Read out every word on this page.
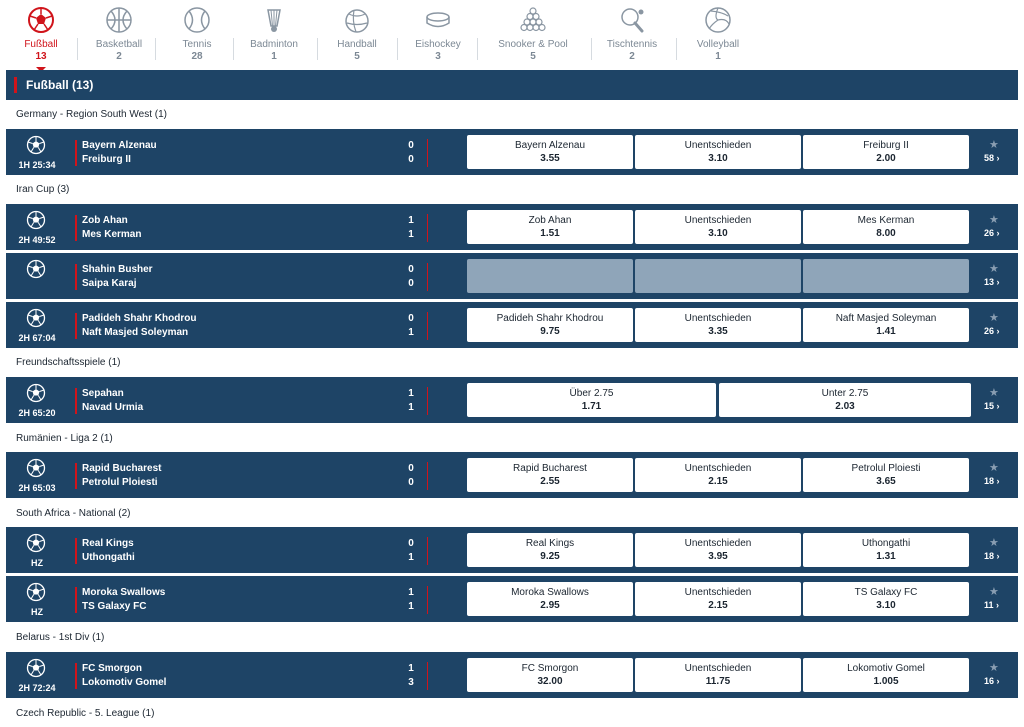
Fußball
13
Basketball
2
Tennis
28
Badminton
1
Handball
5
Eishockey
3
Snooker & Pool
5
Tischtennis
2
Volleyball
1
Fußball (13)
Germany - Region South West (1)
Iran Cup (3)
Freundschaftsspiele (1)
Rumänien - Liga 2 (1)
South Africa - National (2)
Belarus - 1st Div (1)
Czech Republic - 5. League (1)
1H 25:34
Bayern Alzenau
Freiburg II
0
0
Bayern Alzenau
3.55
Unentschieden
3.10
Freiburg II
2.00
★
58 ›
2H 49:52
Zob Ahan
Mes Kerman
1
1
Zob Ahan
1.51
Unentschieden
3.10
Mes Kerman
8.00
★
26 ›
Shahin Busher
Saipa Karaj
0
0
★
13 ›
2H 67:04
Padideh Shahr Khodrou
Naft Masjed Soleyman
0
1
Padideh Shahr Khodrou
9.75
Unentschieden
3.35
Naft Masjed Soleyman
1.41
★
26 ›
2H 65:20
Sepahan
Navad Urmia
1
1
Über 2.75
1.71
Unter 2.75
2.03
★
15 ›
2H 65:03
Rapid Bucharest
Petrolul Ploiesti
0
0
Rapid Bucharest
2.55
Unentschieden
2.15
Petrolul Ploiesti
3.65
★
18 ›
HZ
Real Kings
Uthongathi
0
1
Real Kings
9.25
Unentschieden
3.95
Uthongathi
1.31
★
18 ›
HZ
Moroka Swallows
TS Galaxy FC
1
1
Moroka Swallows
2.95
Unentschieden
2.15
TS Galaxy FC
3.10
★
11 ›
2H 72:24
FC Smorgon
Lokomotiv Gomel
1
3
FC Smorgon
32.00
Unentschieden
11.75
Lokomotiv Gomel
1.005
★
16 ›
